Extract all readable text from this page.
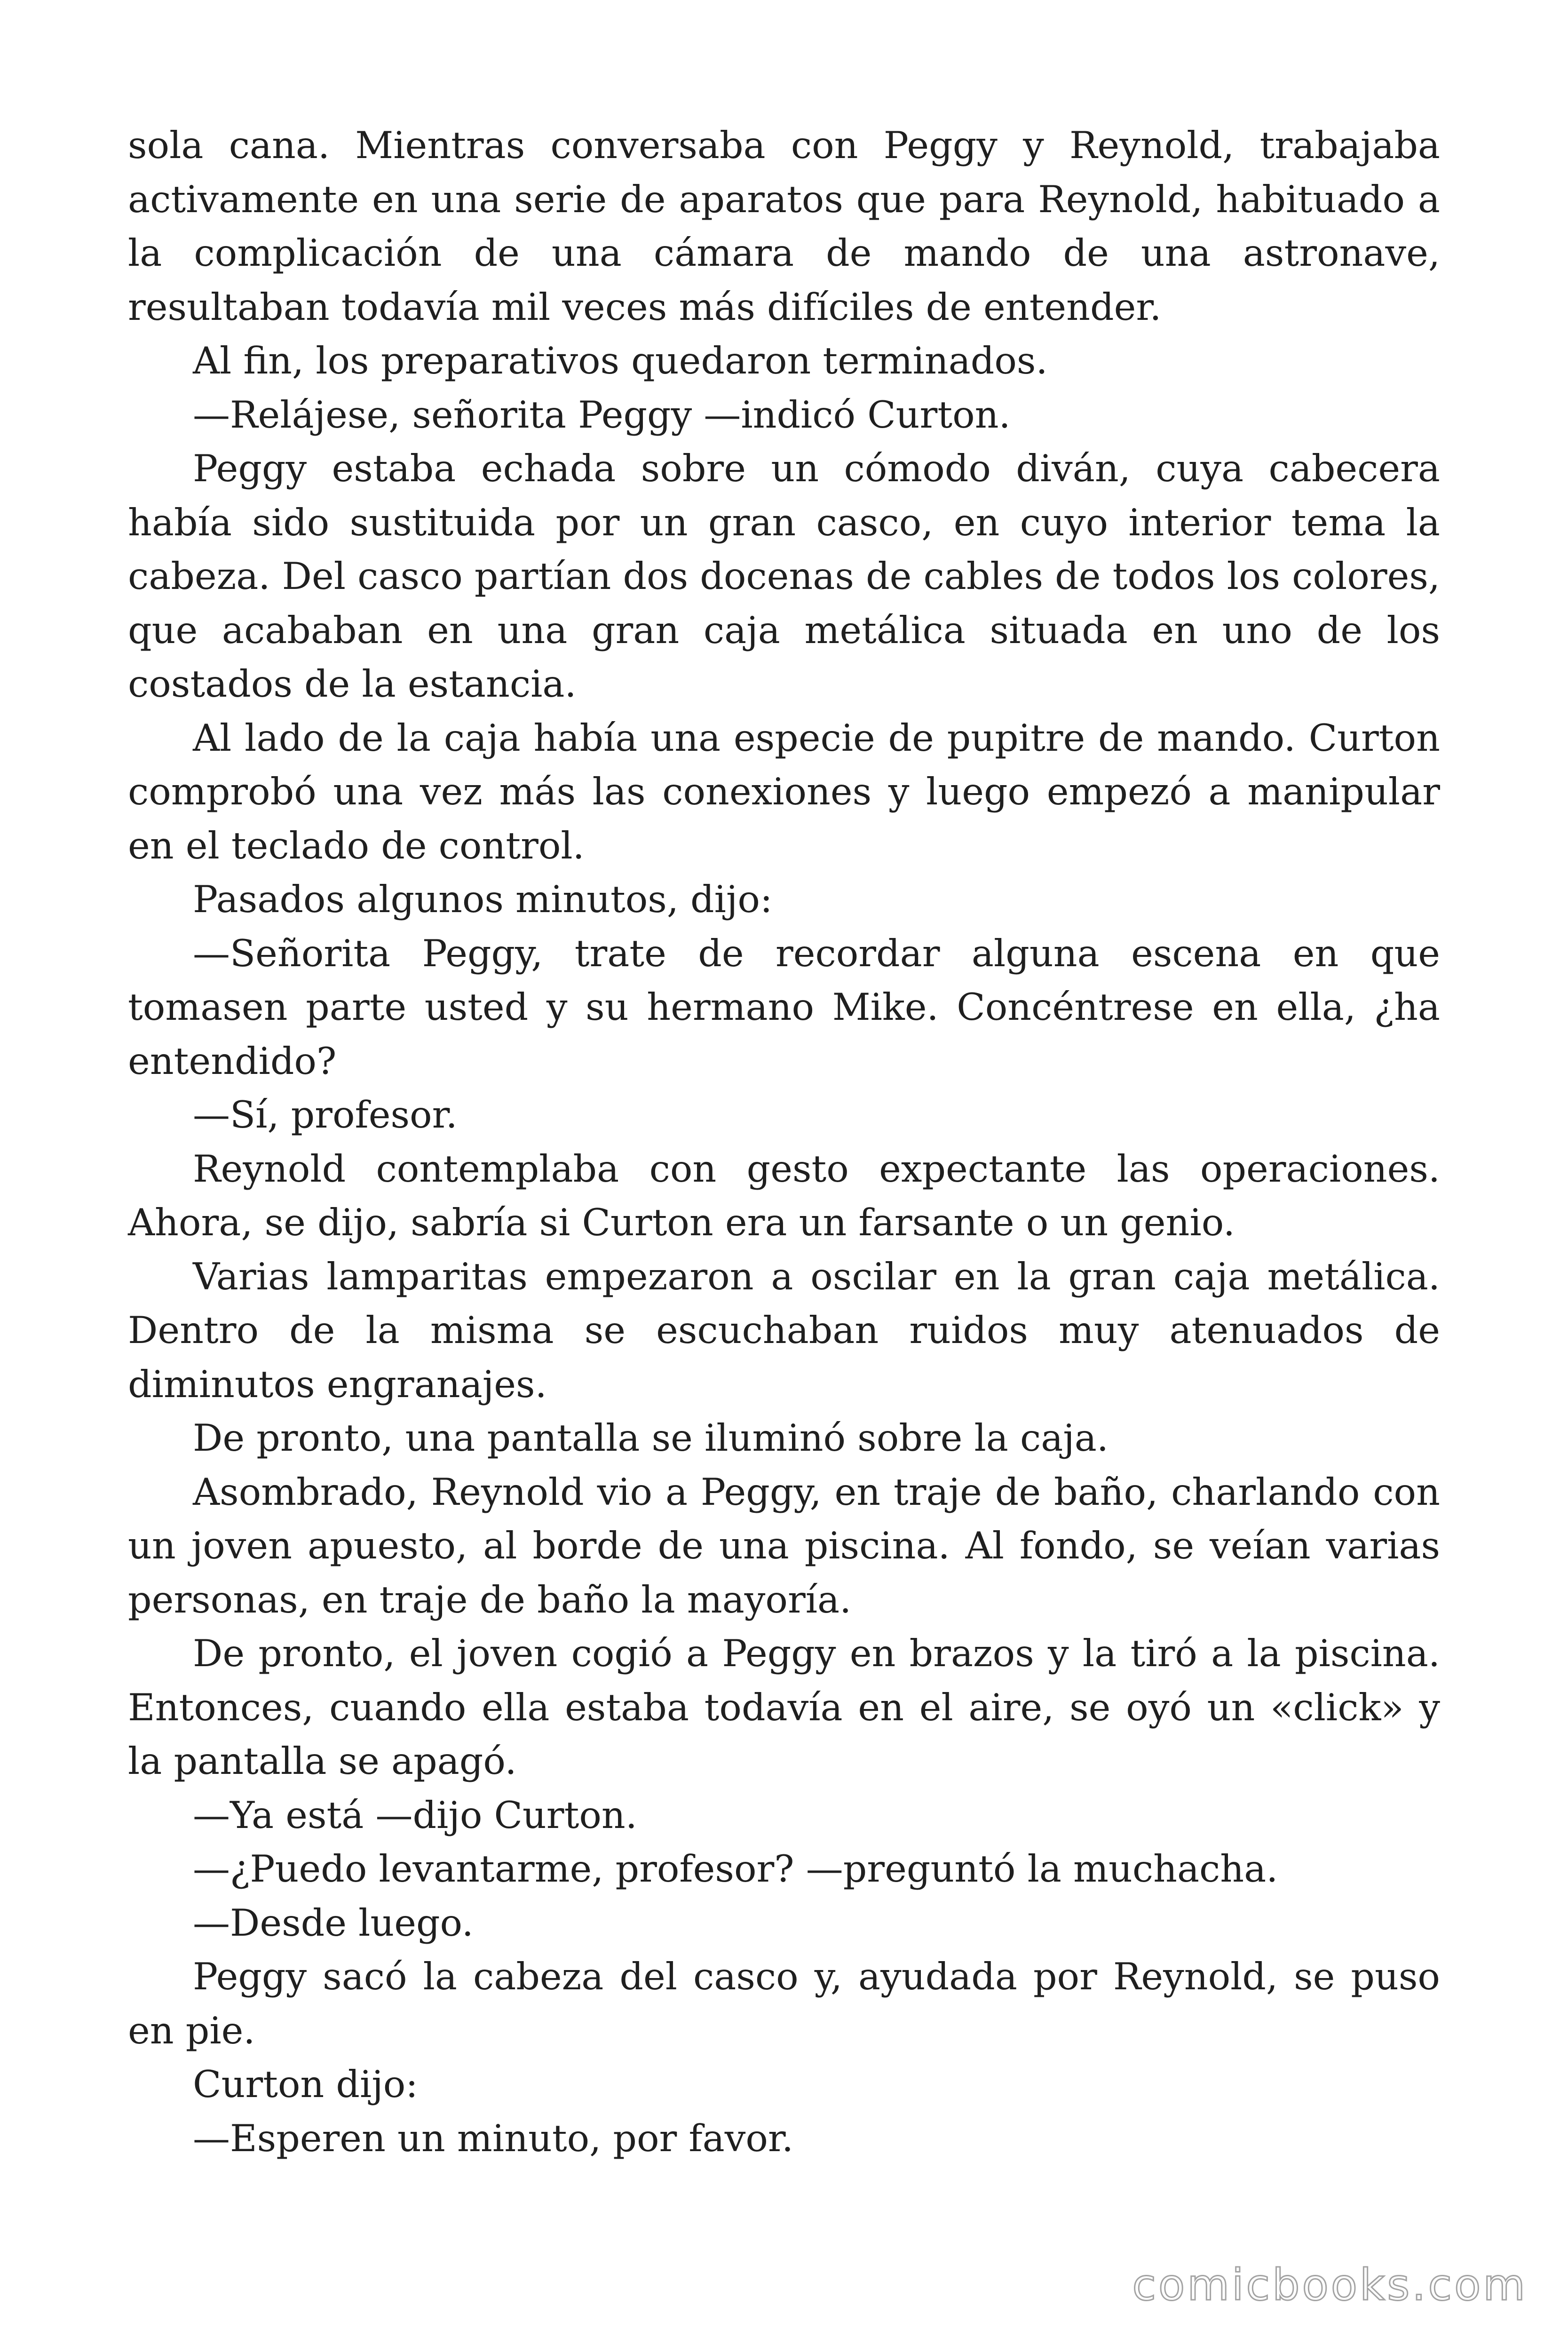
sola cana. Mientras conversaba con Peggy y Reynold, trabajaba activamente en una serie de aparatos que para Reynold, habituado a la complicación de una cámara de mando de una astronave, resultaban todavía mil veces más difíciles de entender.

Al fin, los preparativos quedaron terminados.

—Relájese, señorita Peggy —indicó Curton.

Peggy estaba echada sobre un cómodo diván, cuya cabecera había sido sustituida por un gran casco, en cuyo interior tema la cabeza. Del casco partían dos docenas de cables de todos los colores, que acababan en una gran caja metálica situada en uno de los costados de la estancia.

Al lado de la caja había una especie de pupitre de mando. Curton comprobó una vez más las conexiones y luego empezó a manipular en el teclado de control.

Pasados algunos minutos, dijo:

—Señorita Peggy, trate de recordar alguna escena en que tomasen parte usted y su hermano Mike. Concéntrese en ella, ¿ha entendido?

—Sí, profesor.

Reynold contemplaba con gesto expectante las operaciones. Ahora, se dijo, sabría si Curton era un farsante o un genio.

Varias lamparitas empezaron a oscilar en la gran caja metálica. Dentro de la misma se escuchaban ruidos muy atenuados de diminutos engranajes.

De pronto, una pantalla se iluminó sobre la caja.

Asombrado, Reynold vio a Peggy, en traje de baño, charlando con un joven apuesto, al borde de una piscina. Al fondo, se veían varias personas, en traje de baño la mayoría.

De pronto, el joven cogió a Peggy en brazos y la tiró a la piscina. Entonces, cuando ella estaba todavía en el aire, se oyó un «click» y la pantalla se apagó.

—Ya está —dijo Curton.

—¿Puedo levantarme, profesor? —preguntó la muchacha.

—Desde luego.

Peggy sacó la cabeza del casco y, ayudada por Reynold, se puso en pie.

Curton dijo:

—Esperen un minuto, por favor.

comicbooks.com
